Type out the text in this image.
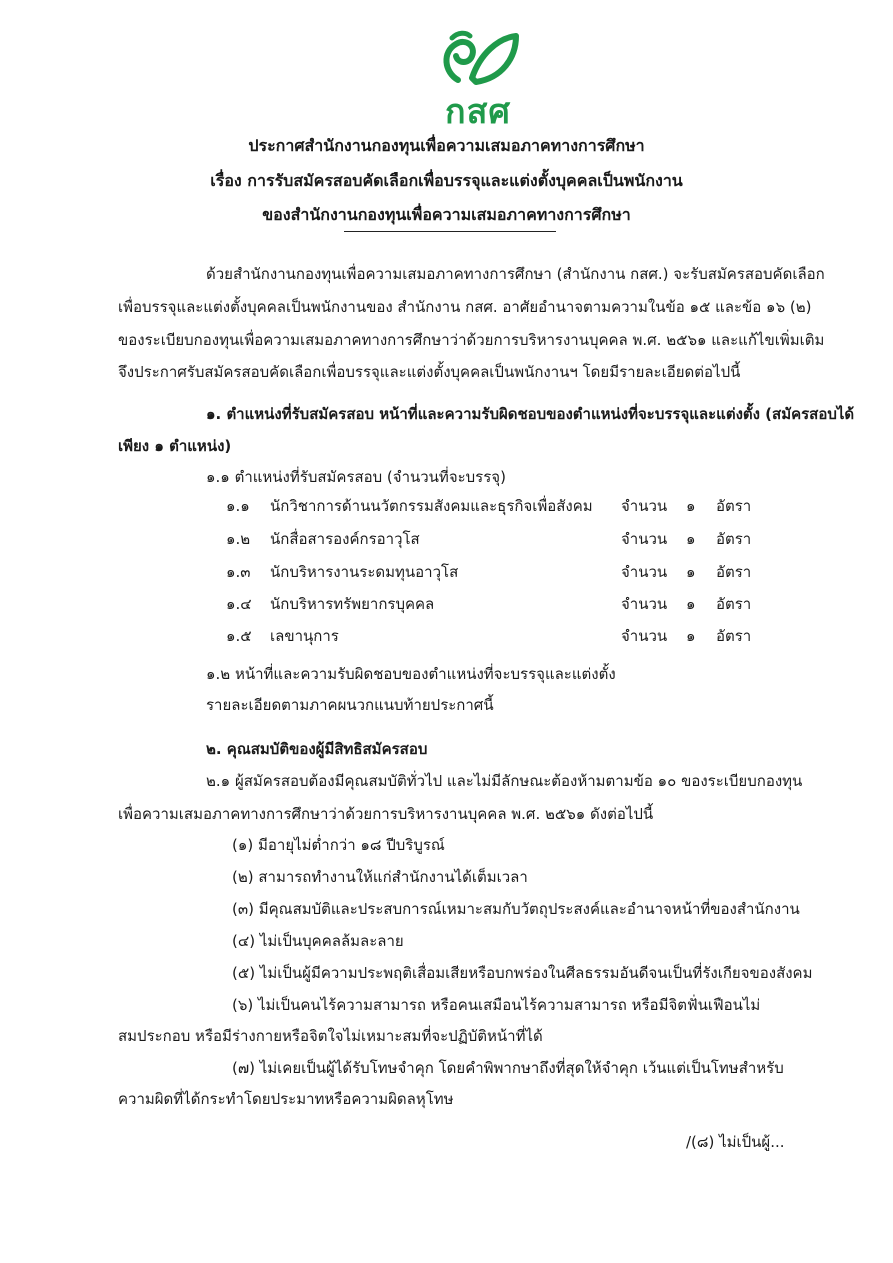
กสศ
ประกาศสำนักงานกองทุนเพื่อความเสมอภาคทางการศึกษา
เรื่อง การรับสมัครสอบคัดเลือกเพื่อบรรจุและแต่งตั้งบุคคลเป็นพนักงาน
ของสำนักงานกองทุนเพื่อความเสมอภาคทางการศึกษา
ด้วยสำนักงานกองทุนเพื่อความเสมอภาคทางการศึกษา (สำนักงาน กสศ.) จะรับสมัครสอบคัดเลือก
เพื่อบรรจุและแต่งตั้งบุคคลเป็นพนักงานของ สำนักงาน กสศ. อาศัยอำนาจตามความในข้อ ๑๕ และข้อ ๑๖ (๒)
ของระเบียบกองทุนเพื่อความเสมอภาคทางการศึกษาว่าด้วยการบริหารงานบุคคล พ.ศ. ๒๕๖๑ และแก้ไขเพิ่มเติม
จึงประกาศรับสมัครสอบคัดเลือกเพื่อบรรจุและแต่งตั้งบุคคลเป็นพนักงานฯ โดยมีรายละเอียดต่อไปนี้
๑. ตำแหน่งที่รับสมัครสอบ หน้าที่และความรับผิดชอบของตำแหน่งที่จะบรรจุและแต่งตั้ง (สมัครสอบได้
เพียง ๑ ตำแหน่ง)
๑.๑ ตำแหน่งที่รับสมัครสอบ (จำนวนที่จะบรรจุ)
๑.๑ นักวิชาการด้านนวัตกรรมสังคมและธุรกิจเพื่อสังคม จำนวน ๑ อัตรา
๑.๒ นักสื่อสารองค์กรอาวุโส	จำนวน ๑ อัตรา
๑.๓ นักบริหารงานระดมทุนอาวุโส	จำนวน ๑ อัตรา
๑.๔ นักบริหารทรัพยากรบุคคล	จำนวน ๑ อัตรา
๑.๕ เลขานุการ	จำนวน ๑ อัตรา
๑.๒ หน้าที่และความรับผิดชอบของตำแหน่งที่จะบรรจุและแต่งตั้ง
รายละเอียดตามภาคผนวกแนบท้ายประกาศนี้
๒. คุณสมบัติของผู้มีสิทธิสมัครสอบ
๒.๑ ผู้สมัครสอบต้องมีคุณสมบัติทั่วไป และไม่มีลักษณะต้องห้ามตามข้อ ๑๐ ของระเบียบกองทุน
เพื่อความเสมอภาคทางการศึกษาว่าด้วยการบริหารงานบุคคล พ.ศ. ๒๕๖๑ ดังต่อไปนี้
(๑) มีอายุไม่ต่ำกว่า ๑๘ ปีบริบูรณ์
(๒) สามารถทำงานให้แก่สำนักงานได้เต็มเวลา
(๓) มีคุณสมบัติและประสบการณ์เหมาะสมกับวัตถุประสงค์และอำนาจหน้าที่ของสำนักงาน
(๔) ไม่เป็นบุคคลล้มละลาย
(๕) ไม่เป็นผู้มีความประพฤติเสื่อมเสียหรือบกพร่องในศีลธรรมอันดีจนเป็นที่รังเกียจของสังคม
(๖) ไม่เป็นคนไร้ความสามารถ หรือคนเสมือนไร้ความสามารถ หรือมีจิตฟั่นเฟือนไม่
สมประกอบ หรือมีร่างกายหรือจิตใจไม่เหมาะสมที่จะปฏิบัติหน้าที่ได้
(๗) ไม่เคยเป็นผู้ได้รับโทษจำคุก โดยคำพิพากษาถึงที่สุดให้จำคุก เว้นแต่เป็นโทษสำหรับ
ความผิดที่ได้กระทำโดยประมาทหรือความผิดลหุโทษ
/(๘) ไม่เป็นผู้...
